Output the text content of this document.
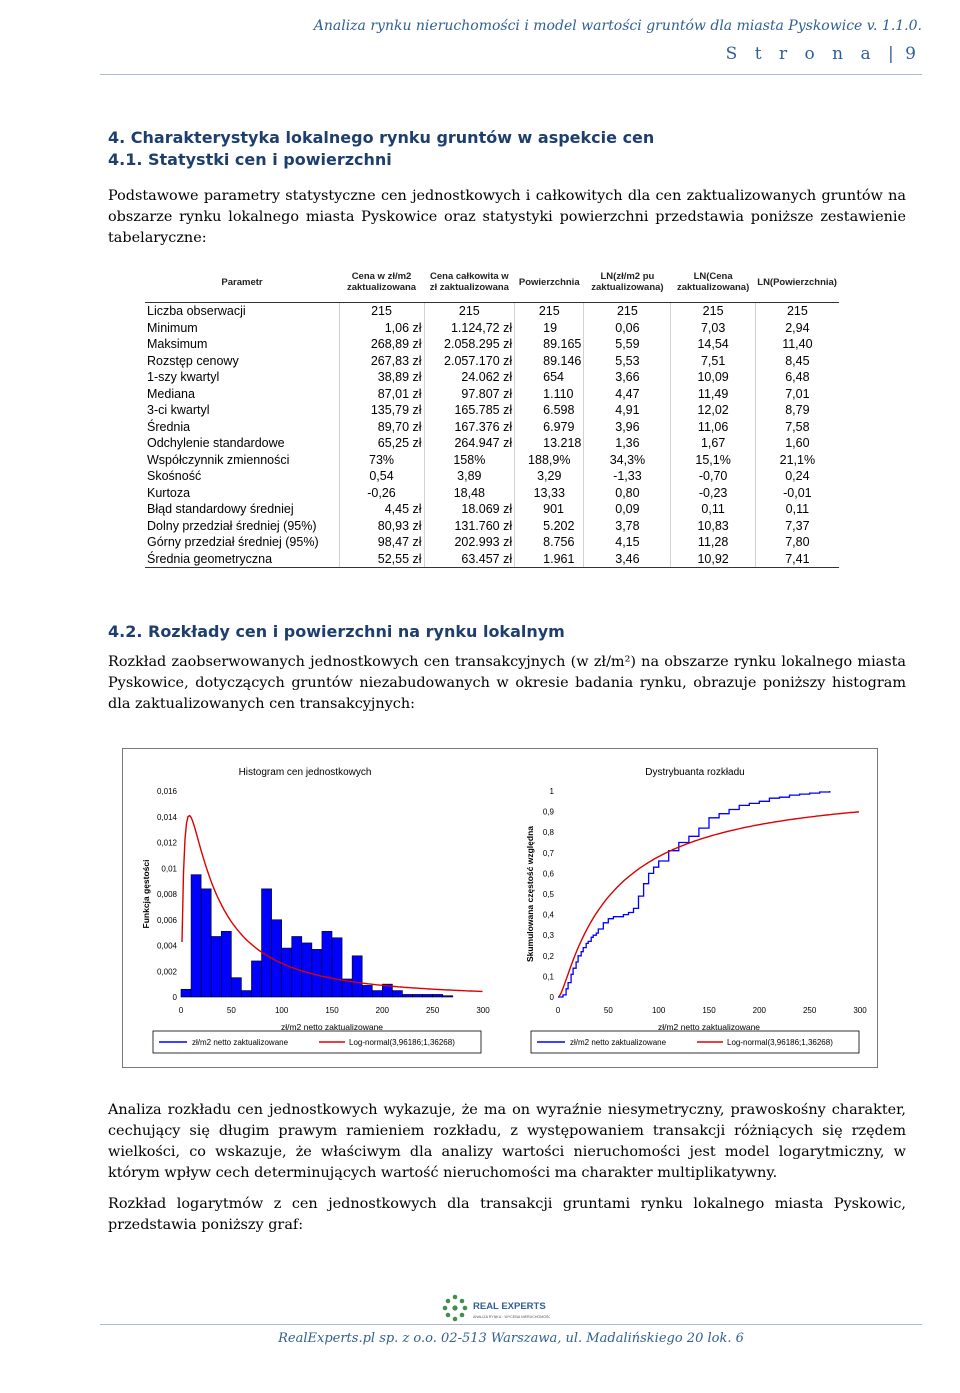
Analiza rynku nieruchomości i model wartości gruntów dla miasta Pyskowice v. 1.1.0.
S t r o n a | 9
4. Charakterystyka lokalnego rynku gruntów w aspekcie cen
4.1. Statystki cen i powierzchni
Podstawowe parametry statystyczne cen jednostkowych i całkowitych dla cen zaktualizowanych gruntów na obszarze rynku lokalnego miasta Pyskowice oraz statystyki powierzchni przedstawia poniższe zestawienie tabelaryczne:
Parametr	Cena w zł/m2 zaktualizowana	Cena całkowita w zł zaktualizowana	Powierzchnia	LN(zł/m2 pu zaktualizowana)	LN(Cena zaktualizowana)	LN(Powierzchnia)
Liczba obserwacji	215	215	215	215	215	215
Minimum	1,06 zł	1.124,72 zł	19	0,06	7,03	2,94
Maksimum	268,89 zł	2.058.295 zł	89.165	5,59	14,54	11,40
Rozstęp cenowy	267,83 zł	2.057.170 zł	89.146	5,53	7,51	8,45
1-szy kwartyl	38,89 zł	24.062 zł	654	3,66	10,09	6,48
Mediana	87,01 zł	97.807 zł	1.110	4,47	11,49	7,01
3-ci kwartyl	135,79 zł	165.785 zł	6.598	4,91	12,02	8,79
Średnia	89,70 zł	167.376 zł	6.979	3,96	11,06	7,58
Odchylenie standardowe	65,25 zł	264.947 zł	13.218	1,36	1,67	1,60
Współczynnik zmienności	73%	158%	188,9%	34,3%	15,1%	21,1%
Skośność	0,54	3,89	3,29	-1,33	-0,70	0,24
Kurtoza	-0,26	18,48	13,33	0,80	-0,23	-0,01
Błąd standardowy średniej	4,45 zł	18.069 zł	901	0,09	0,11	0,11
Dolny przedział średniej (95%)	80,93 zł	131.760 zł	5.202	3,78	10,83	7,37
Górny przedział średniej (95%)	98,47 zł	202.993 zł	8.756	4,15	11,28	7,80
Średnia geometryczna	52,55 zł	63.457 zł	1.961	3,46	10,92	7,41
4.2. Rozkłady cen i powierzchni na rynku lokalnym
Rozkład zaobserwowanych jednostkowych cen transakcyjnych (w zł/m²) na obszarze rynku lokalnego miasta Pyskowice, dotyczących gruntów niezabudowanych w okresie badania rynku, obrazuje poniższy histogram dla zaktualizowanych cen transakcyjnych:
Histogram cen jednostkowych
0
0,002
0,004
0,006
0,008
0,01
0,012
0,014
0,016
0	50	100	150	200	250	300
zł/m2 netto zaktualizowane
Funkcja gęstości
Dystrybuanta rozkładu
0
0,1
0,2
0,3
0,4
0,5
0,6
0,7
0,8
0,9
1
0	50	100	150	200	250	300
zł/m2 netto zaktualizowane
Skumulowana częstość względna
zł/m2 netto zaktualizowane	Log-normal(3,96186;1,36268)	zł/m2 netto zaktualizowane	Log-normal(3,96186;1,36268)
Analiza rozkładu cen jednostkowych wykazuje, że ma on wyraźnie niesymetryczny, prawoskośny charakter, cechujący się długim prawym ramieniem rozkładu, z występowaniem transakcji różniących się rzędem wielkości, co wskazuje, że właściwym dla analizy wartości nieruchomości jest model logarytmiczny, w którym wpływ cech determinujących wartość nieruchomości ma charakter multiplikatywny.
Rozkład logarytmów z cen jednostkowych dla transakcji gruntami rynku lokalnego miasta Pyskowic, przedstawia poniższy graf:
REAL EXPERTS
ANALIZA RYNKU · WYCENA NIERUCHOMOŚCI
RealExperts.pl sp. z o.o. 02-513 Warszawa, ul. Madalińskiego 20 lok. 6
